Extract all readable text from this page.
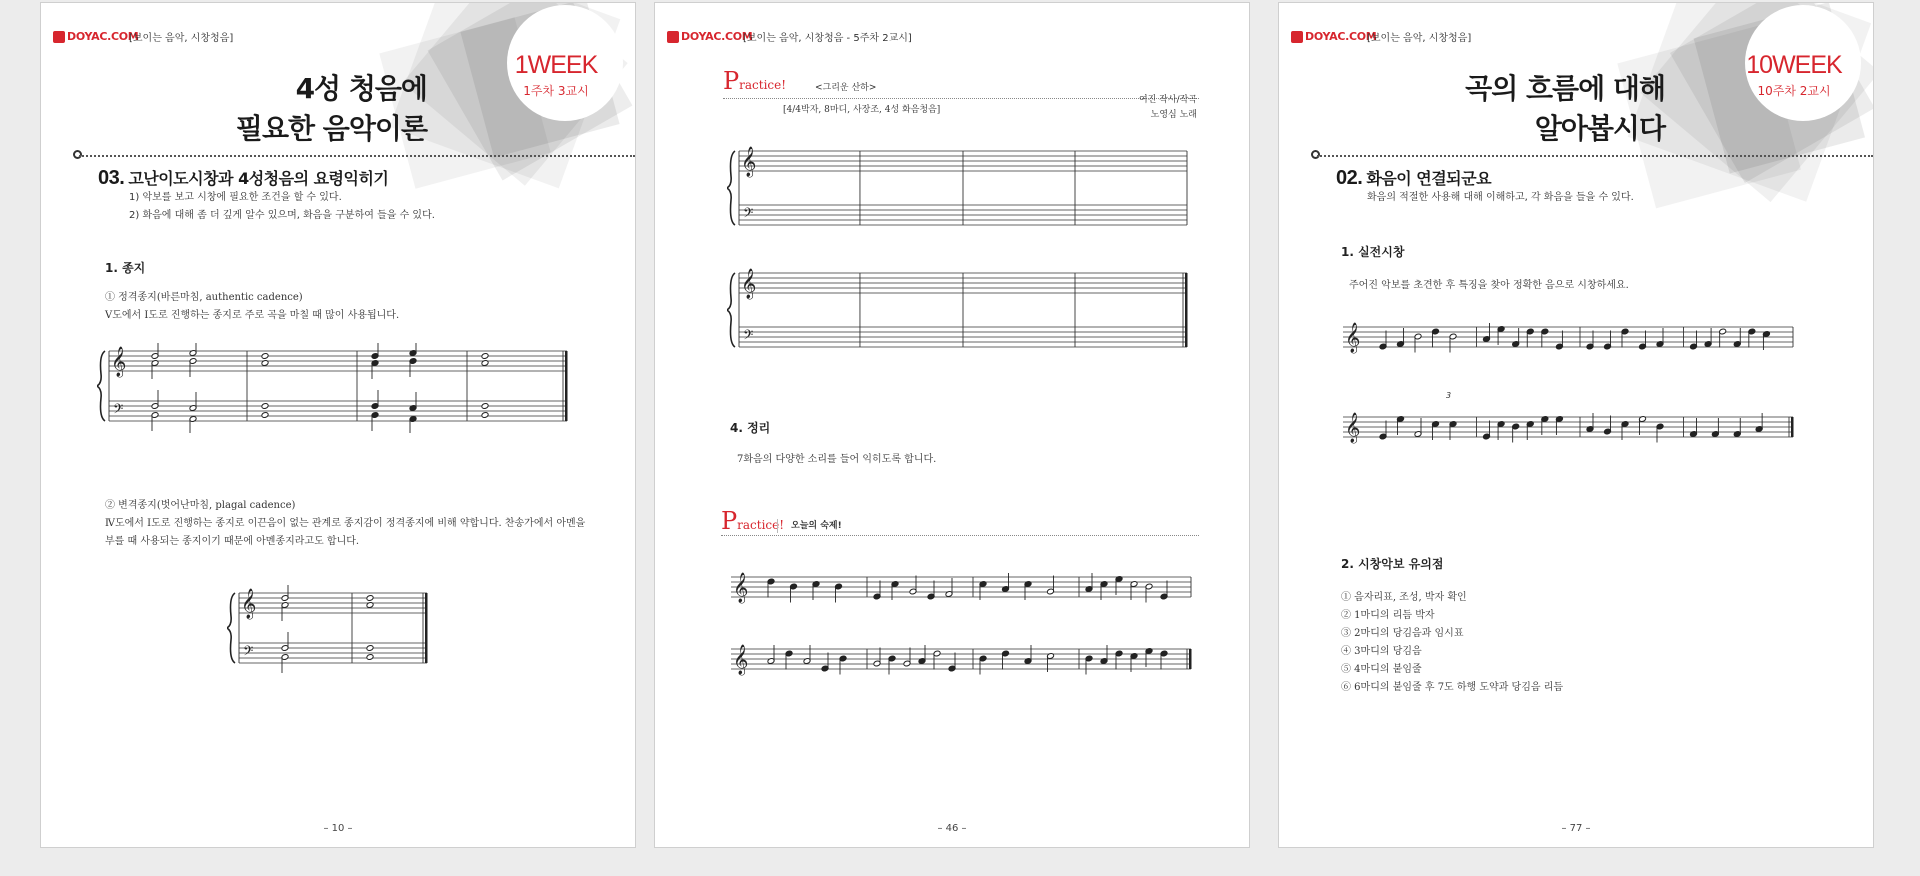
DOYAC.COM
[보이는 음악, 시창청음]
1WEEK
1주차 3교시
4성 청음에
필요한 음악이론
03. 고난이도시창과 4성청음의 요령익히기
1) 악보를 보고 시창에 필요한 조건을 할 수 있다.
2) 화음에 대해 좀 더 깊게 알수 있으며, 화음을 구분하여 들을 수 있다.
1. 종지
① 정격종지(바른마침, authentic cadence)
Ⅴ도에서 Ⅰ도로 진행하는 종지로 주로 곡을 마칠 때 많이 사용됩니다.
𝄞
𝄢
② 변격종지(벗어난마침, plagal cadence)
Ⅳ도에서 Ⅰ도로 진행하는 종지로 이끈음이 없는 관계로 종지감이 정격종지에 비해 약합니다. 찬송가에서 아멘을
부를 때 사용되는 종지이기 때문에 아멘종지라고도 합니다.
𝄞
𝄢
– 10 –
DOYAC.COM
[보이는 음악, 시창청음 - 5주차 2교시]
Practice!	<그리운 산하>
[4/4박자, 8마디, 사장조, 4성 화음청음]
여진 작사/작곡
노영심 노래
𝄞
𝄢
𝄞
𝄢
4. 정리
7화음의 다양한 소리를 들어 익히도록 합니다.
Practice! 오늘의 숙제!
𝄞
𝄞
– 46 –
DOYAC.COM
[보이는 음악, 시창청음]
10WEEK
10주차 2교시
곡의 흐름에 대해
알아봅시다
02. 화음이 연결되군요
화음의 적절한 사용해 대해 이해하고, 각 화음을 들을 수 있다.
1. 실전시창
주어진 악보를 초견한 후 특징을 찾아 정확한 음으로 시창하세요.
𝄞
3
𝄞
2. 시창악보 유의점
① 음자리표, 조성, 박자 확인
② 1마디의 리듬 박자
③ 2마디의 당김음과 임시표
④ 3마디의 당김음
⑤ 4마디의 붙임줄
⑥ 6마디의 붙임줄 후 7도 하행 도약과 당김음 리듬
– 77 –
